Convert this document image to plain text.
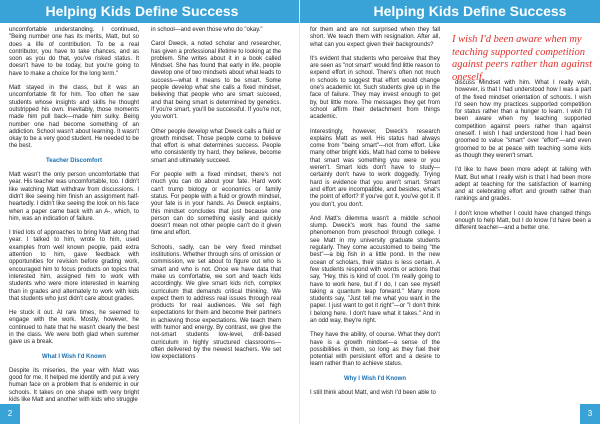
Helping Kids Define Success

uncomfortable understanding. I continued, "Being number one has its merits, Matt, but so does a life of contribution. To be a real contributor, you have to take chances, and as soon as you do that, you've risked status. It doesn't have to be today, but you're going to have to make a choice for the long term."

Matt stayed in the class, but it was an uncomfortable fit for him. Too often he saw students whose insights and skills he thought outstripped his own. Inevitably, those moments made him pull back—made him sulky. Being number one had become something of an addiction. School wasn't about learning. It wasn't okay to be a very good student. He needed to be the best.

Teacher Discomfort

Matt wasn't the only person uncomfortable that year. His teacher was uncomfortable, too. I didn't like watching Matt withdraw from discussions. I didn't like seeing him finish an assignment half-heartedly. I didn't like seeing the look on his face when a paper came back with an A-, which, to him, was an indication of failure.

I tried lots of approaches to bring Matt along that year. I talked to him, wrote to him, used examples from well known people, paid extra attention to him, gave feedback with opportunities for revision before grading work, encouraged him to focus products on topics that interested him, assigned him to work with students who were more interested in learning than in grades and alternately to work with kids that students who just didn't care about grades.

He stuck it out. At rare times, he seemed to engage with the work. Mostly, however, he continued to hate that he wasn't clearly the best in the class. We were both glad when summer gave us a break.

What I Wish I'd Known

Despite its miseries, the year with Matt was good for me. It helped me identify and put a very human face on a problem that is endemic in our schools. It takes on one shape with very bright kids like Matt and another with kids who struggle

in school—and even those who do "okay."

Carol Dweck, a noted scholar and researcher, has given a professional lifetime to looking at the problem. She writes about it in a book called Mindset. She has found that early in life, people develop one of two mindsets about what leads to success—what it means to be smart. Some people develop what she calls a fixed mindset, believing that people who are smart succeed, and that being smart is determined by genetics. If you're smart, you'll be successful. If you're not, you won't.

Other people develop what Dweck calls a fluid or growth mindset. Those people come to believe that effort is what determines success. People who consistently try hard, they believe, become smart and ultimately succeed.

For people with a fixed mindset, there's not much you can do about your fate. Hard work can't trump biology or economics or family status. For people with a fluid or growth mindset, your fate is in your hands. As Dweck explains, this mindset concludes that just because one person can do something easily and quickly doesn't mean not other people can't do it given time and effort.

Schools, sadly, can be very fixed mindset institutions. Whether through sins of omission or commission, we set about to figure out who is smart and who is not. Once we have data that make us comfortable, we sort and teach kids accordingly. We give smart kids rich, complex curriculum that demands critical thinking. We expect them to address real issues through real products for real audiences. We set high expectations for them and become their partners in achieving those expectations. We teach them with humor and energy. By contrast, we give the not-smart students low-level, drill-based curriculum in highly structured classrooms—often delivered by the newest teachers. We set low expectations

2
Helping Kids Define Success

for them and are not surprised when they fall short. We teach them with resignation. After all, what can you expect given their backgrounds?

It's evident that students who perceive that they are seen as "not smart" would find little reason to expend effort in school. There's often not much in schools to suggest that effort would change one's academic lot. Such students give up in the face of failure. They may invest enough to get by, but little more. The messages they get from school affirm their detachment from things academic.

Interestingly, however, Dweck's research explains Matt as well. His status had always come from "being smart"—not from effort. Like many other bright kids, Matt had come to believe that smart was something you were or you weren't. Smart kids don't have to study—certainly don't have to work doggedly. Trying hard is evidence that you aren't smart. Smart and effort are incompatible, and besides, what's the point of effort? If you've got it, you've got it. If you don't, you don't.

And Matt's dilemma wasn't a middle school slump. Dweck's work has found the same phenomenon from preschool through college. I see Matt in my university graduate students regularly. They come accustomed to being "the best"—a big fish in a little pond. In the new ocean of scholars, their status is less certain. A few students respond with words or actions that say, "Hey, this is kind of cool. I'm really going to have to work here, but if I do, I can see myself taking a quantum leap forward." Many more students say, "Just tell me what you want in the paper. I just want to get it right"—or "I don't think I belong here. I don't have what it takes." And in an odd way, they're right.

They have the ability, of course. What they don't have is a growth mindset—a sense of the possibilities in them, so long as they fuel their potential with persistent effort and a desire to learn rather than to achieve status.

Why I Wish I'd Known

I still think about Matt, and wish I'd been able to

I wish I'd been aware when my teaching supported competition against peers rather than against oneself.

discuss Mindset with him. What I really wish, however, is that I had understood how I was a part of the fixed mindset orientation of schools. I wish I'd seen how my practices supported competition for status rather than a hunger to learn. I wish I'd been aware when my teaching supported competition against peers rather than against oneself. I wish I had understood how I had been groomed to value "smart" over "effort"—and even groomed to be at peace with teaching some kids as though they weren't smart.

I'd like to have been more adept at talking with Matt. But what I really wish is that I had been more adept at teaching for the satisfaction of learning and at celebrating effort and growth rather than rankings and grades.

I don't know whether I could have changed things enough to help Matt, but I do know I'd have been a different teacher—and a better one.

3
